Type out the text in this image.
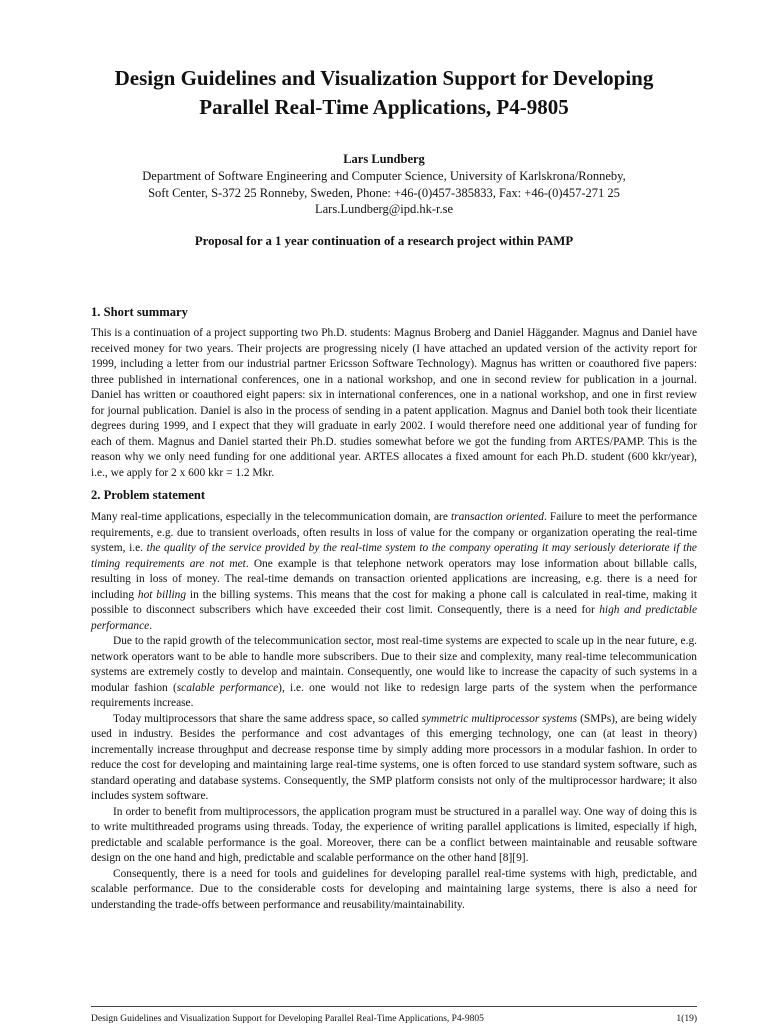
Design Guidelines and Visualization Support for Developing
Parallel Real-Time Applications, P4-9805

Lars Lundberg

Department of Software Engineering and Computer Science, University of Karlskrona/Ronneby,
Soft Center, S-372 25 Ronneby, Sweden, Phone: +46-(0)457-385833, Fax: +46-(0)457-271 25
Lars.Lundberg@ipd.hk-r.se

Proposal for a 1 year continuation of a research project within PAMP

1. Short summary

This is a continuation of a project supporting two Ph.D. students: Magnus Broberg and Daniel Häggander. Magnus and Daniel have received money for two years. Their projects are progressing nicely (I have attached an updated version of the activity report for 1999, including a letter from our industrial partner Ericsson Software Technology). Magnus has written or coauthored five papers: three published in international conferences, one in a national workshop, and one in second review for publication in a journal. Daniel has written or coauthored eight papers: six in international conferences, one in a national workshop, and one in first review for journal publication. Daniel is also in the process of sending in a patent application. Magnus and Daniel both took their licentiate degrees during 1999, and I expect that they will graduate in early 2002. I would therefore need one additional year of funding for each of them. Magnus and Daniel started their Ph.D. studies somewhat before we got the funding from ARTES/PAMP. This is the reason why we only need funding for one additional year. ARTES allocates a fixed amount for each Ph.D. student (600 kkr/year), i.e., we apply for 2 x 600 kkr = 1.2 Mkr.

2. Problem statement

Many real-time applications, especially in the telecommunication domain, are transaction oriented. Failure to meet the performance requirements, e.g. due to transient overloads, often results in loss of value for the company or organization operating the real-time system, i.e. the quality of the service provided by the real-time system to the company operating it may seriously deteriorate if the timing requirements are not met. One example is that telephone network operators may lose information about billable calls, resulting in loss of money. The real-time demands on transaction oriented applications are increasing, e.g. there is a need for including hot billing in the billing systems. This means that the cost for making a phone call is calculated in real-time, making it possible to disconnect subscribers which have exceeded their cost limit. Consequently, there is a need for high and predictable performance.

Due to the rapid growth of the telecommunication sector, most real-time systems are expected to scale up in the near future, e.g. network operators want to be able to handle more subscribers. Due to their size and complexity, many real-time telecommunication systems are extremely costly to develop and maintain. Consequently, one would like to increase the capacity of such systems in a modular fashion (scalable performance), i.e. one would not like to redesign large parts of the system when the performance requirements increase.

Today multiprocessors that share the same address space, so called symmetric multiprocessor systems (SMPs), are being widely used in industry. Besides the performance and cost advantages of this emerging technology, one can (at least in theory) incrementally increase throughput and decrease response time by simply adding more processors in a modular fashion. In order to reduce the cost for developing and maintaining large real-time systems, one is often forced to use standard system software, such as standard operating and database systems. Consequently, the SMP platform consists not only of the multiprocessor hardware; it also includes system software.

In order to benefit from multiprocessors, the application program must be structured in a parallel way. One way of doing this is to write multithreaded programs using threads. Today, the experience of writing parallel applications is limited, especially if high, predictable and scalable performance is the goal. Moreover, there can be a conflict between maintainable and reusable software design on the one hand and high, predictable and scalable performance on the other hand [8][9].

Consequently, there is a need for tools and guidelines for developing parallel real-time systems with high, predictable, and scalable performance. Due to the considerable costs for developing and maintaining large systems, there is also a need for understanding the trade-offs between performance and reusability/maintainability.

Design Guidelines and Visualization Support for Developing Parallel Real-Time Applications, P4-9805	1(19)
